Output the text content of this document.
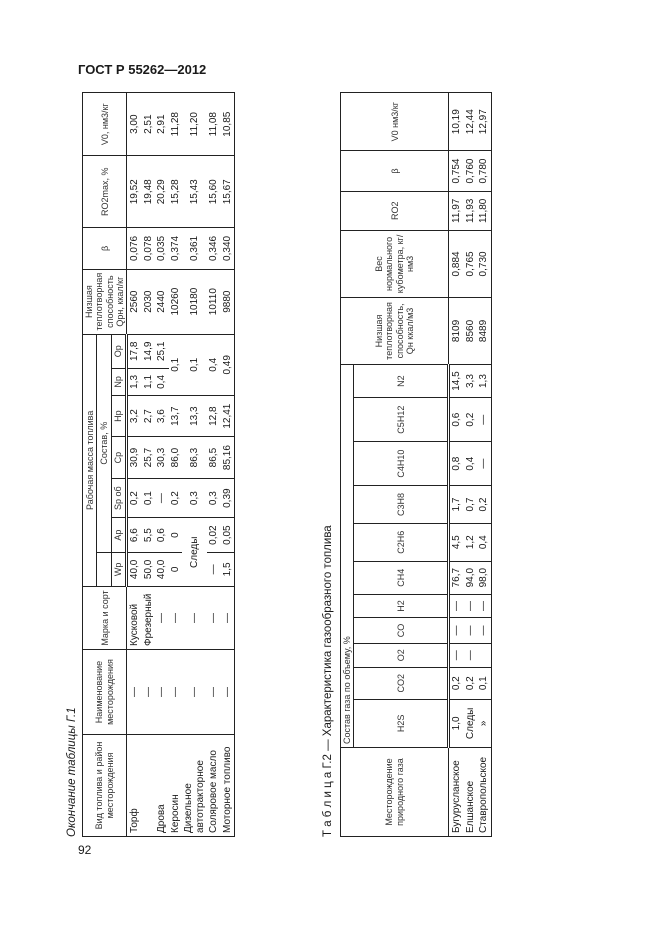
ГОСТ Р 55262—2012
Окончание таблицы Г.1 Вид топлива и район месторождения	Наименование месторождения	Марка и сорт	Рабочая масса топлива							Низшая теплотворная способность Qрн, ккал/кг	β	RO2max, %	V0, нм3/кг
				Состав, %									
			Wр	Aр	Sр об	Cр	Hр	Nр	Oр				
Торф	—	Кусковой	40,0	6,6	0,2	30,9	3,2	1,3	17,8	2560	0,076	19,52	3,00
	—	Фрезерный	50,0	5,5	0,1	25,7	2,7	1,1	14,9	2030	0,078	19,48	2,51
Дрова	—	—	40,0	0,6	—	30,3	3,6	0,4	25,1	2440	0,035	20,29	2,91
Керосин	—	—	0	0	0,2	86,0	13,7	0,1		10260	0,374	15,28	11,28
Дизельное автотракторное	—	—	Следы		0,3	86,3	13,3	0,1		10180	0,361	15,43	11,20
Соляровое масло	—	—	—	0,02	0,3	86,5	12,8	0,4		10110	0,346	15,60	11,08
Моторное топливо	—	—	1,5	0,05	0,39	85,16	12,41	0,49		9880	0,340	15,67	10,85
Т а б л и ц а Г.2 — Характеристика газообразного топлива	Месторождение природного газа	Состав газа по объему, %											Низшая теплотворная способность, Qн ккал/м3	Вес нормального кубометра, кг/нм3	RO2	β	V0 нм3/кг
	H2S	CO2	O2	CO	H2	CH4	C2H6	C3H8	C4H10	C5H12	N2					
Бугурусланское	1,0	0,2	—	—	—	76,7	4,5	1,7	0,8	0,6	14,5	8109	0,884	11,97	0,754	10,19
Елшанское	Следы	0,2	—	—	—	94,0	1,2	0,7	0,4	0,2	3,3	8560	0,765	11,93	0,760	12,44
Ставропольское	»	0,1		—	—	98,0	0,4	0,2	—	—	1,3	8489	0,730	11,80	0,780	12,97
92
